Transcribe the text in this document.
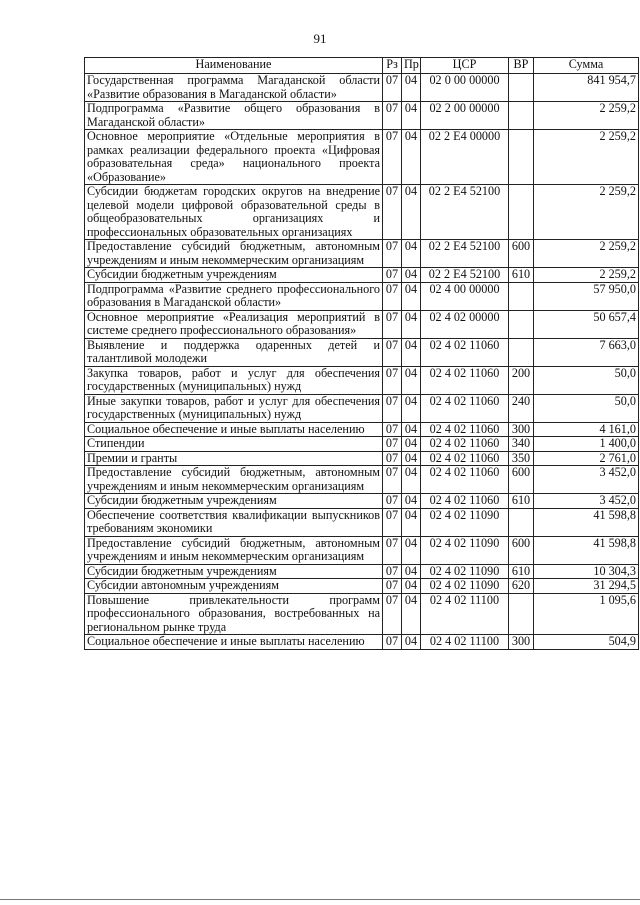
91
Наименование	Рз	Пр	ЦСР	ВР	Сумма
Государственная программа Магаданской области «Развитие образования в Магаданской области»	07	04	02 0 00 00000		841 954,7
Подпрограмма «Развитие общего образования в Магаданской области»	07	04	02 2 00 00000		2 259,2
Основное мероприятие «Отдельные мероприятия в рамках реализации федерального проекта «Цифровая образовательная среда» национального проекта «Образование»	07	04	02 2 E4 00000		2 259,2
Субсидии бюджетам городских округов на внедрение целевой модели цифровой образовательной среды в общеобразовательных организациях и профессиональных образовательных организациях	07	04	02 2 E4 52100		2 259,2
Предоставление субсидий бюджетным, автономным учреждениям и иным некоммерческим организациям	07	04	02 2 E4 52100	600	2 259,2
Субсидии бюджетным учреждениям	07	04	02 2 E4 52100	610	2 259,2
Подпрограмма «Развитие среднего профессионального образования в Магаданской области»	07	04	02 4 00 00000		57 950,0
Основное мероприятие «Реализация мероприятий в системе среднего профессионального образования»	07	04	02 4 02 00000		50 657,4
Выявление и поддержка одаренных детей и талантливой молодежи	07	04	02 4 02 11060		7 663,0
Закупка товаров, работ и услуг для обеспечения государственных (муниципальных) нужд	07	04	02 4 02 11060	200	50,0
Иные закупки товаров, работ и услуг для обеспечения государственных (муниципальных) нужд	07	04	02 4 02 11060	240	50,0
Социальное обеспечение и иные выплаты населению	07	04	02 4 02 11060	300	4 161,0
Стипендии	07	04	02 4 02 11060	340	1 400,0
Премии и гранты	07	04	02 4 02 11060	350	2 761,0
Предоставление субсидий бюджетным, автономным учреждениям и иным некоммерческим организациям	07	04	02 4 02 11060	600	3 452,0
Субсидии бюджетным учреждениям	07	04	02 4 02 11060	610	3 452,0
Обеспечение соответствия квалификации выпускников требованиям экономики	07	04	02 4 02 11090		41 598,8
Предоставление субсидий бюджетным, автономным учреждениям и иным некоммерческим организациям	07	04	02 4 02 11090	600	41 598,8
Субсидии бюджетным учреждениям	07	04	02 4 02 11090	610	10 304,3
Субсидии автономным учреждениям	07	04	02 4 02 11090	620	31 294,5
Повышение привлекательности программ профессионального образования, востребованных на региональном рынке труда	07	04	02 4 02 11100		1 095,6
Социальное обеспечение и иные выплаты населению	07	04	02 4 02 11100	300	504,9
